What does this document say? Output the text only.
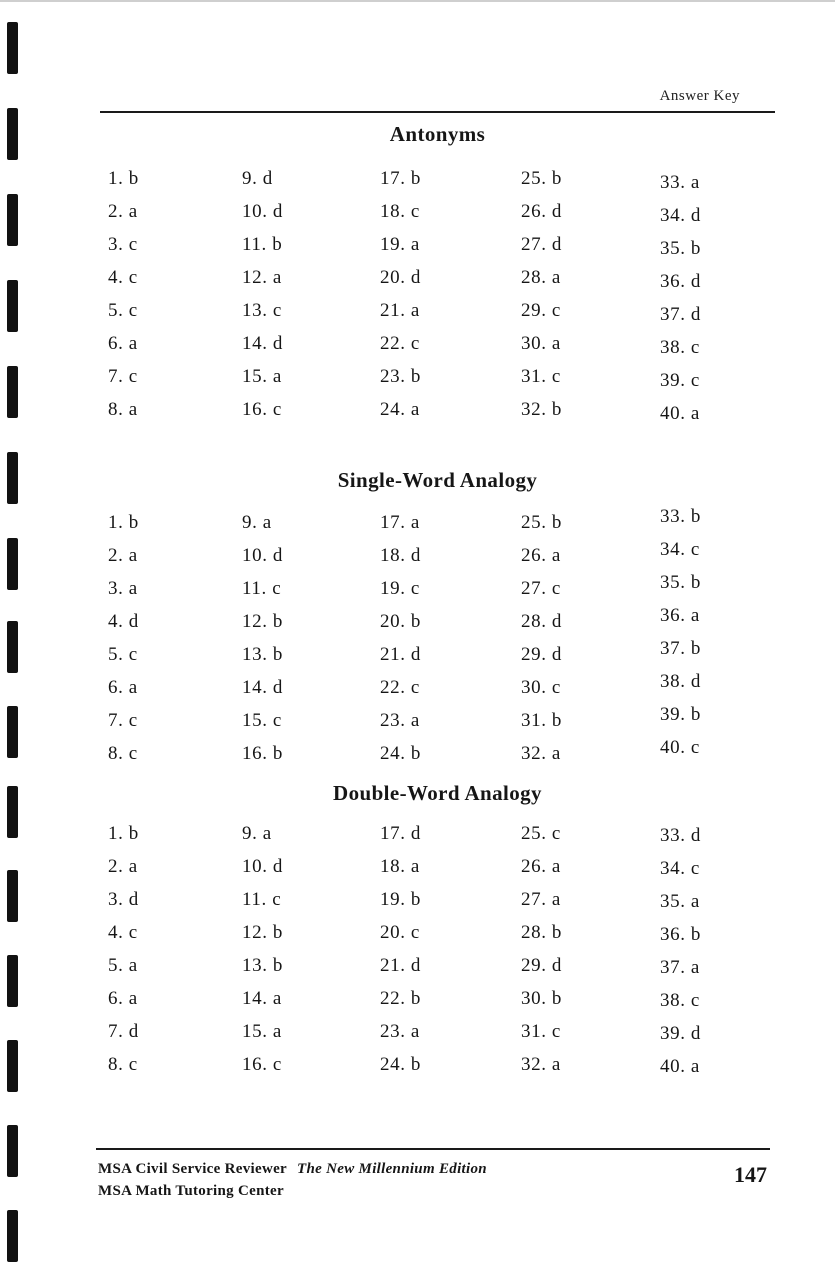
Answer Key
Antonyms
1. b
2. a
3. c
4. c
5. c
6. a
7. c
8. a
9. d
10. d
11. b
12. a
13. c
14. d
15. a
16. c
17. b
18. c
19. a
20. d
21. a
22. c
23. b
24. a
25. b
26. d
27. d
28. a
29. c
30. a
31. c
32. b
33. a
34. d
35. b
36. d
37. d
38. c
39. c
40. a
Single-Word Analogy
1. b
2. a
3. a
4. d
5. c
6. a
7. c
8. c
9. a
10. d
11. c
12. b
13. b
14. d
15. c
16. b
17. a
18. d
19. c
20. b
21. d
22. c
23. a
24. b
25. b
26. a
27. c
28. d
29. d
30. c
31. b
32. a
33. b
34. c
35. b
36. a
37. b
38. d
39. b
40. c
Double-Word Analogy
1. b
2. a
3. d
4. c
5. a
6. a
7. d
8. c
9. a
10. d
11. c
12. b
13. b
14. a
15. a
16. c
17. d
18. a
19. b
20. c
21. d
22. b
23. a
24. b
25. c
26. a
27. a
28. b
29. d
30. b
31. c
32. a
33. d
34. c
35. a
36. b
37. a
38. c
39. d
40. a
MSA Civil Service Reviewer The New Millennium Edition
MSA Math Tutoring Center
147
